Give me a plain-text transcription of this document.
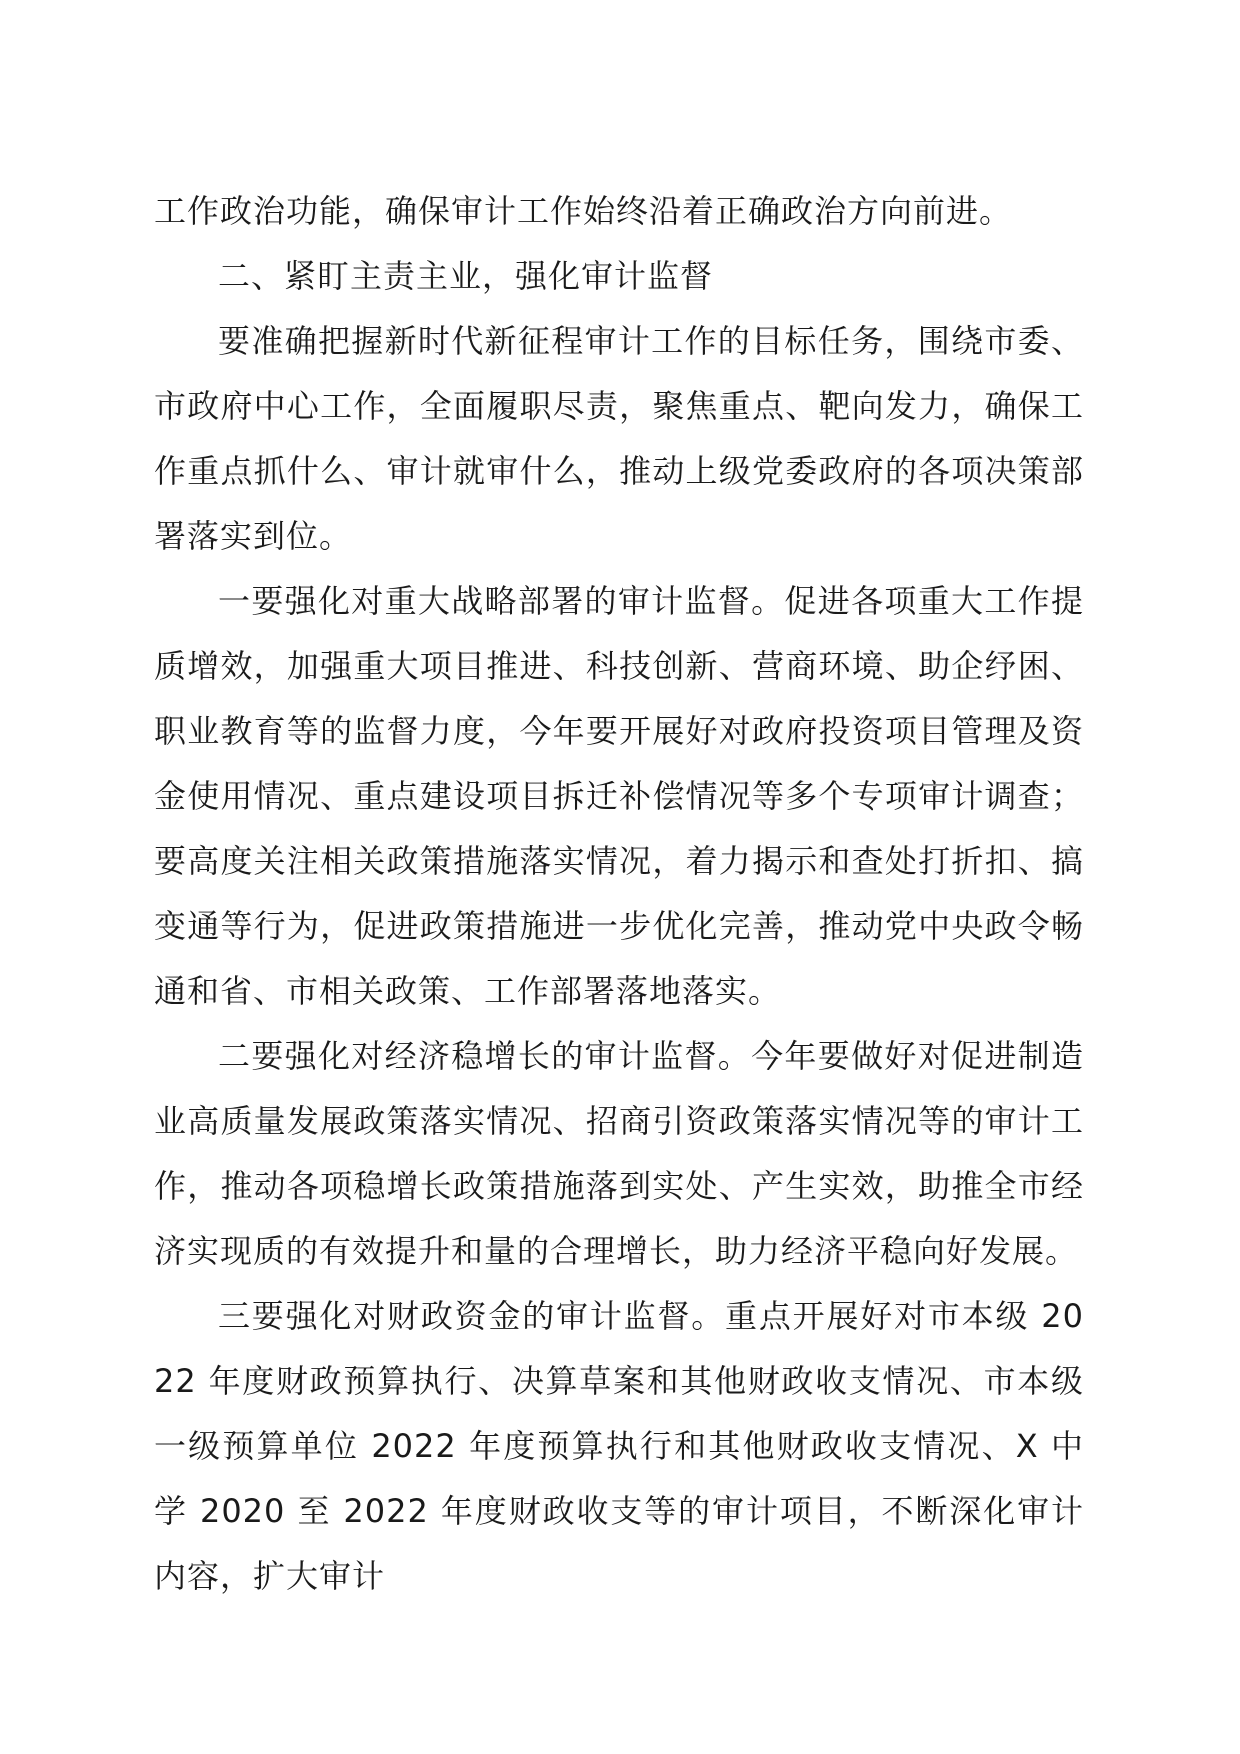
工作政治功能，确保审计工作始终沿着正确政治方向前进。

二、紧盯主责主业，强化审计监督

要准确把握新时代新征程审计工作的目标任务，围绕市委、市政府中心工作，全面履职尽责，聚焦重点、靶向发力，确保工作重点抓什么、审计就审什么，推动上级党委政府的各项决策部署落实到位。

一要强化对重大战略部署的审计监督。促进各项重大工作提质增效，加强重大项目推进、科技创新、营商环境、助企纾困、职业教育等的监督力度，今年要开展好对政府投资项目管理及资金使用情况、重点建设项目拆迁补偿情况等多个专项审计调查；要高度关注相关政策措施落实情况，着力揭示和查处打折扣、搞变通等行为，促进政策措施进一步优化完善，推动党中央政令畅通和省、市相关政策、工作部署落地落实。

二要强化对经济稳增长的审计监督。今年要做好对促进制造业高质量发展政策落实情况、招商引资政策落实情况等的审计工作，推动各项稳增长政策措施落到实处、产生实效，助推全市经济实现质的有效提升和量的合理增长，助力经济平稳向好发展。

三要强化对财政资金的审计监督。重点开展好对市本级 2022 年度财政预算执行、决算草案和其他财政收支情况、市本级一级预算单位 2022 年度预算执行和其他财政收支情况、X 中学 2020 至 2022 年度财政收支等的审计项目，不断深化审计内容，扩大审计
